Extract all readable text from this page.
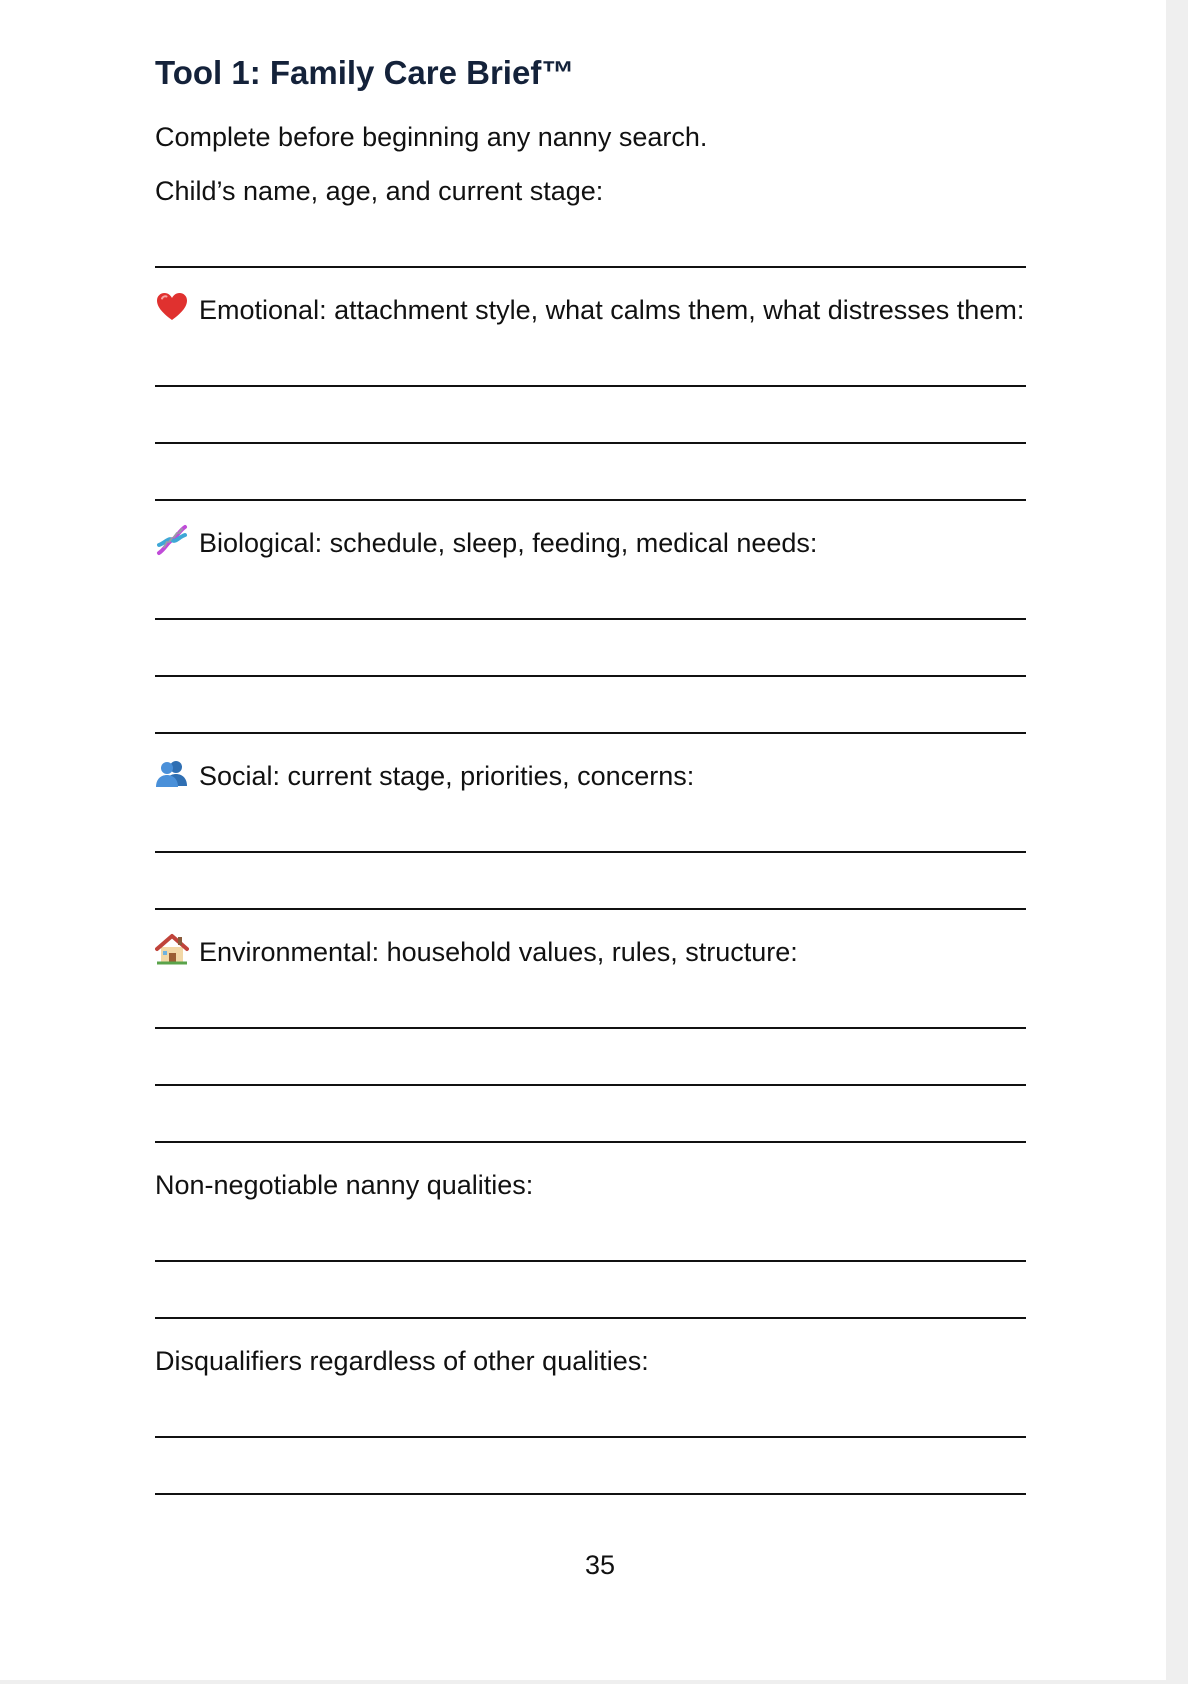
Tool 1: Family Care Brief™

Complete before beginning any nanny search.

Child’s name, age, and current stage:

Emotional: attachment style, what calms them, what distresses them:

Biological: schedule, sleep, feeding, medical needs:

Social: current stage, priorities, concerns:

Environmental: household values, rules, structure:

Non-negotiable nanny qualities:

Disqualifiers regardless of other qualities:

35
